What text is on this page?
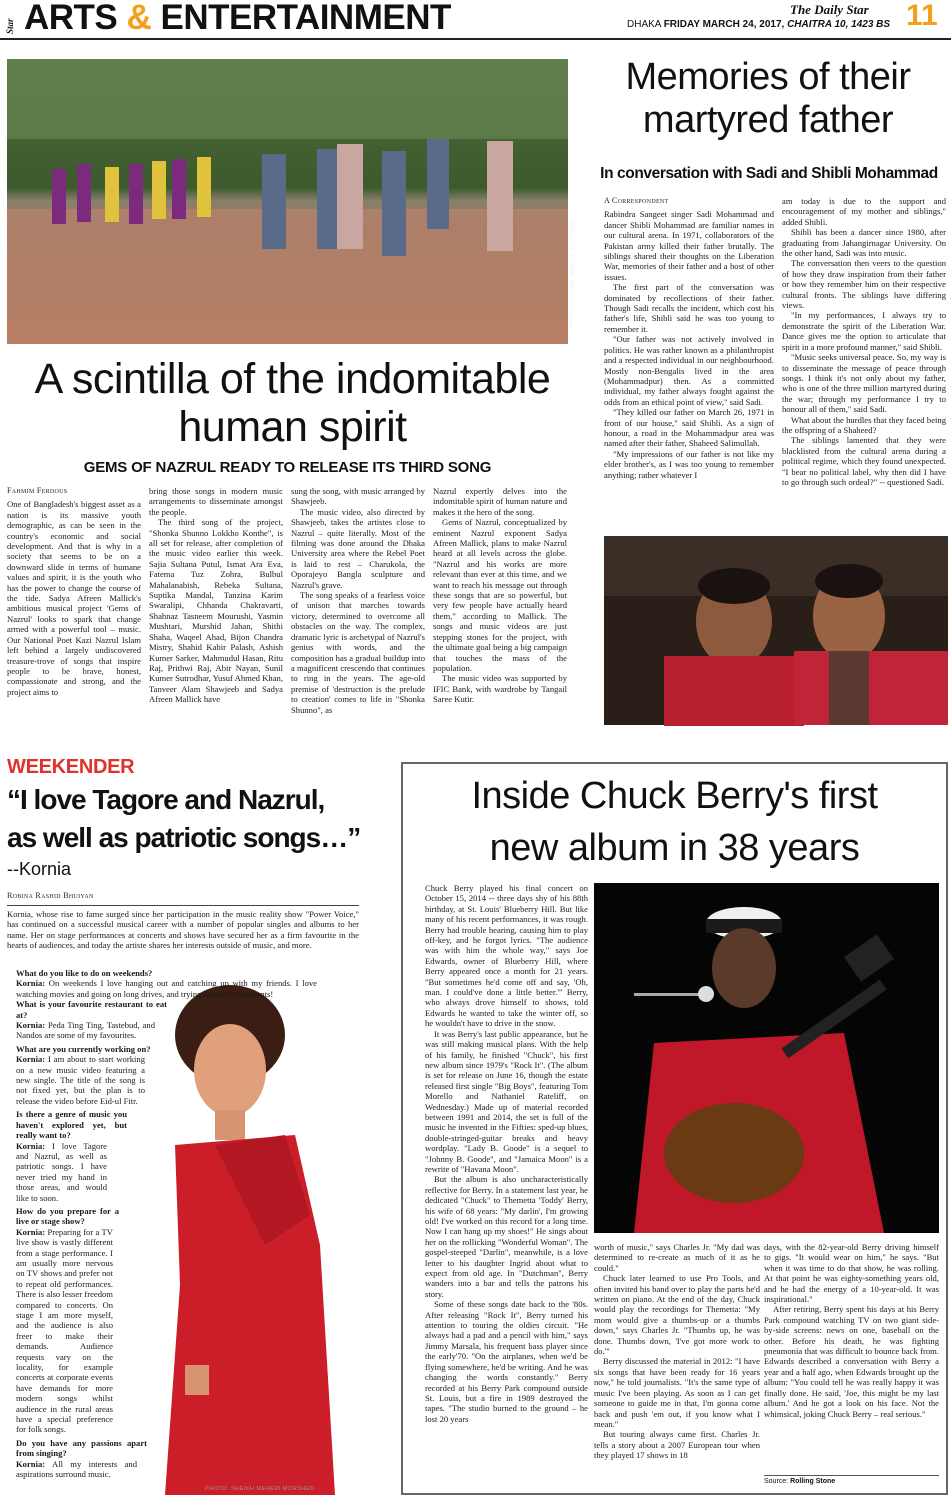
Star ARTS & ENTERTAINMENT	DHAKA FRIDAY MARCH 24, 2017, CHAITRA 10, 1423 BS
The Daily Star 11
PHOTO: SHEIKH MEHEDI MORSHED
A scintilla of the indomitable
human spirit
GEMS OF NAZRUL READY TO RELEASE ITS THIRD SONG
Fahmim Ferdous

One of Bangladesh's biggest asset as a nation is its massive youth demographic, as can be seen in the country's economic and social development. And that is why in a society that seems to be on a downward slide in terms of humane values and spirit, it is the youth who has the power to change the course of the tide. Sadya Afreen Mallick's ambitious musical project 'Gems of Nazrul' looks to spark that change armed with a powerful tool – music. Our National Poet Kazi Nazrul Islam left behind a largely undiscovered treasure-trove of songs that inspire people to be brave, honest, compassionate and strong, and the project aims to

bring those songs in modern music arrangements to disseminate amongst the people.

The third song of the project, "Shonka Shunno Lokkho Konthe", is all set for release, after completion of the music video earlier this week. Sajia Sultana Putul, Ismat Ara Eva, Fatema Tuz Zohra, Bulbul Mahalanabish, Rebeka Sultana, Suptika Mandal, Tanzina Karim Swaralipi, Chhanda Chakravarti, Shahnaz Tasneem Mourushi, Yasmin Mushtari, Murshid Jahan, Shithi Shaha, Waqeel Ahad, Bijon Chandra Mistry, Shahid Kabir Palash, Ashish Kumer Sarker, Mahmudul Hasan, Ritu Raj, Prithwi Raj, Abir Nayan, Sunil Kumer Sutrodhar, Yusuf Ahmed Khan, Tanveer Alam Shawjeeb and Sadya Afreen Mallick have

sung the song, with music arranged by Shawjeeb.

The music video, also directed by Shawjeeb, takes the artistes close to Nazrul – quite literally. Most of the filming was done around the Dhaka University area where the Rebel Poet is laid to rest – Charukola, the Oporajeyo Bangla sculpture and Nazrul's grave.

The song speaks of a fearless voice of unison that marches towards victory, determined to overcome all obstacles on the way. The complex, dramatic lyric is archetypal of Nazrul's genius with words, and the composition has a gradual buildup into a magnificent crescendo that continues to ring in the years. The age-old premise of 'destruction is the prelude to creation' comes to life in "Shonka Shunno", as

Nazrul expertly delves into the indomitable spirit of human nature and makes it the hero of the song.

Gems of Nazrul, conceptualized by eminent Nazrul exponent Sadya Afreen Mallick, plans to make Nazrul heard at all levels across the globe. "Nazrul and his works are more relevant than ever at this time, and we want to reach his message out through these songs that are so powerful, but very few people have actually heard them," according to Mallick. The songs and music videos are just stepping stones for the project, with the ultimate goal being a big campaign that touches the mass of the population.

The music video was supported by IFIC Bank, with wardrobe by Tangail Saree Kutir.

Memories of their
martyred father
In conversation with Sadi and Shibli Mohammad
A Correspondent

Rabindra Sangeet singer Sadi Mohammad and dancer Shibli Mohammad are familiar names in our cultural arena. In 1971, collaborators of the Pakistan army killed their father brutally. The siblings shared their thoughts on the Liberation War, memories of their father and a host of other issues.

The first part of the conversation was dominated by recollections of their father. Though Sadi recalls the incident, which cost his father's life, Shibli said he was too young to remember it.

"Our father was not actively involved in politics. He was rather known as a philanthropist and a respected individual in our neighbourhood. Mostly non-Bengalis lived in the area (Mohammadpur) then. As a committed individual, my father always fought against the odds from an ethical point of view," said Sadi.

"They killed our father on March 26, 1971 in front of our house," said Shibli. As a sign of honour, a road in the Mohammadpur area was named after their father, Shaheed Salimullah.

"My impressions of our father is not like my elder brother's, as I was too young to remember anything; rather whatever I

am today is due to the support and encouragement of my mother and siblings," added Shibli.

Shibli has been a dancer since 1980, after graduating from Jahangirnagar University. On the other hand, Sadi was into music.

The conversation then veers to the question of how they draw inspiration from their father or how they remember him on their respective cultural fronts. The siblings have differing views.

"In my performances, I always try to demonstrate the spirit of the Liberation War. Dance gives me the option to articulate that spirit in a more profound manner," said Shibli.

"Music seeks universal peace. So, my way is to disseminate the message of peace through songs. I think it's not only about my father, who is one of the three million martyred during the war; through my performance I try to honour all of them," said Sadi.

What about the hurdles that they faced being the offspring of a Shaheed?

The siblings lamented that they were blacklisted from the cultural arena during a political regime, which they found unexpected. "I bear no political label, why then did I have to go through such ordeal?" -- questioned Sadi.

WEEKENDER
“I love Tagore and Nazrul,
as well as patriotic songs…”
--Kornia
Robina Rashid Bhuiyan

Kornia, whose rise to fame surged since her participation in the music reality show "Power Voice," has continued on a successful musical career with a number of popular singles and albums to her name. Her on stage performances at concerts and shows have secured her as a firm favourite in the hearts of audiences, and today the artiste shares her interests outside of music, and more.

PHOTO: SHEIKH MEHEDI MORSHED
What do you like to do on weekends?
Kornia: On weekends I love hanging out and catching up with my friends. I love watching movies and going on long drives, and trying out new restaurants!
What is your favourite restaurant to eat at?
Kornia: Peda Ting Ting, Tastebud, and Nandos are some of my favourites.
What are you currently working on?
Kornia: I am about to start working on a new music video featuring a new single. The title of the song is not fixed yet, but the plan is to release the video before Eid-ul Fitr.
Is there a genre of music you haven't explored yet, but really want to?
Kornia: I love Tagore and Nazrul, as well as patriotic songs. I have never tried my hand in those areas, and would like to soon.
How do you prepare for a live or stage show?
Kornia: Preparing for a TV live show is vastly different from a stage performance. I am usually more nervous on TV shows and prefer not to repeat old performances. There is also lesser freedom compared to concerts. On stage I am more myself, and the audience is also freer to make their demands. Audience requests vary on the locality, for example concerts at corporate events have demands for more modern songs whilst audience in the rural areas have a special preference for folk songs.
Do you have any passions apart from singing?
Kornia: All my interests and aspirations surround music.
Inside Chuck Berry's first
new album in 38 years

Chuck Berry played his final concert on October 15, 2014 -- three days shy of his 88th birthday, at St. Louis' Blueberry Hill. But like many of his recent performances, it was rough. Berry had trouble hearing, causing him to play off-key, and he forgot lyrics. "The audience was with him the whole way," says Joe Edwards, owner of Blueberry Hill, where Berry appeared once a month for 21 years. "But sometimes he'd come off and say, 'Oh, man. I could've done a little better.'" Berry, who always drove himself to shows, told Edwards he wanted to take the winter off, so he wouldn't have to drive in the snow.

It was Berry's last public appearance, but he was still making musical plans. With the help of his family, he finished "Chuck", his first new album since 1979's "Rock It". (The album is set for release on June 16, though the estate released first single "Big Boys", featuring Tom Morello and Nathaniel Rateliff, on Wednesday.) Made up of material recorded between 1991 and 2014, the set is full of the music he invented in the Fifties: sped-up blues, double-stringed-guitar breaks and heavy wordplay. "Lady B. Goode" is a sequel to "Johnny B. Goode", and "Jamaica Moon" is a rewrite of "Havana Moon".

But the album is also uncharacteristically reflective for Berry. In a statement last year, he dedicated "Chuck" to Themetta 'Toddy' Berry, his wife of 68 years: "My darlin', I'm growing old! I've worked on this record for a long time. Now I can hang up my shoes!" He sings about her on the rollicking "Wonderful Woman". The gospel-steeped "Darlin", meanwhile, is a love letter to his daughter Ingrid about what to expect from old age. In "Dutchman", Berry wanders into a bar and tells the patrons his story.

Some of these songs date back to the '80s. After releasing "Rock It", Berry turned his attention to touring the oldies circuit. "He always had a pad and a pencil with him," says Jimmy Marsala, his frequent bass player since the early'70. "On the airplanes, when we'd be flying somewhere, he'd be writing. And he was changing the words constantly." Berry recorded at his Berry Park compound outside St. Louis, but a fire in 1989 destroyed the tapes. "The studio burned to the ground – he lost 20 years

worth of music," says Charles Jr. "My dad was determined to re-create as much of it as he could."

Chuck later learned to use Pro Tools, and often invited his band over to play the parts he'd written on piano. At the end of the day, Chuck would play the recordings for Themetta: "My mom would give a thumbs-up or a thumbs down," says Charles Jr. "Thumbs up, he was done. Thumbs down, 'I've got more work to do.'"

Berry discussed the material in 2012: "I have six songs that have been ready for 16 years now," he told journalists. "It's the same type of music I've been playing. As soon as I can get someone to guide me in that, I'm gonna come back and push 'em out, if you know what I mean."

But touring always came first. Charles Jr. tells a story about a 2007 European tour when they played 17 shows in 18

days, with the 82-year-old Berry driving himself to gigs. "It would wear on him," he says. "But when it was time to do that show, he was rolling. At that point he was eighty-something years old, and he had the energy of a 10-year-old. It was inspirational."

After retiring, Berry spent his days at his Berry Park compound watching TV on two giant side-by-side screens: news on one, baseball on the other. Before his death, he was fighting pneumonia that was difficult to bounce back from. Edwards described a conversation with Berry a year and a half ago, when Edwards brought up the album: "You could tell he was really happy it was finally done. He said, 'Joe, this might be my last album.' And he got a look on his face. Not the whimsical, joking Chuck Berry – real serious."

Source: Rolling Stone
